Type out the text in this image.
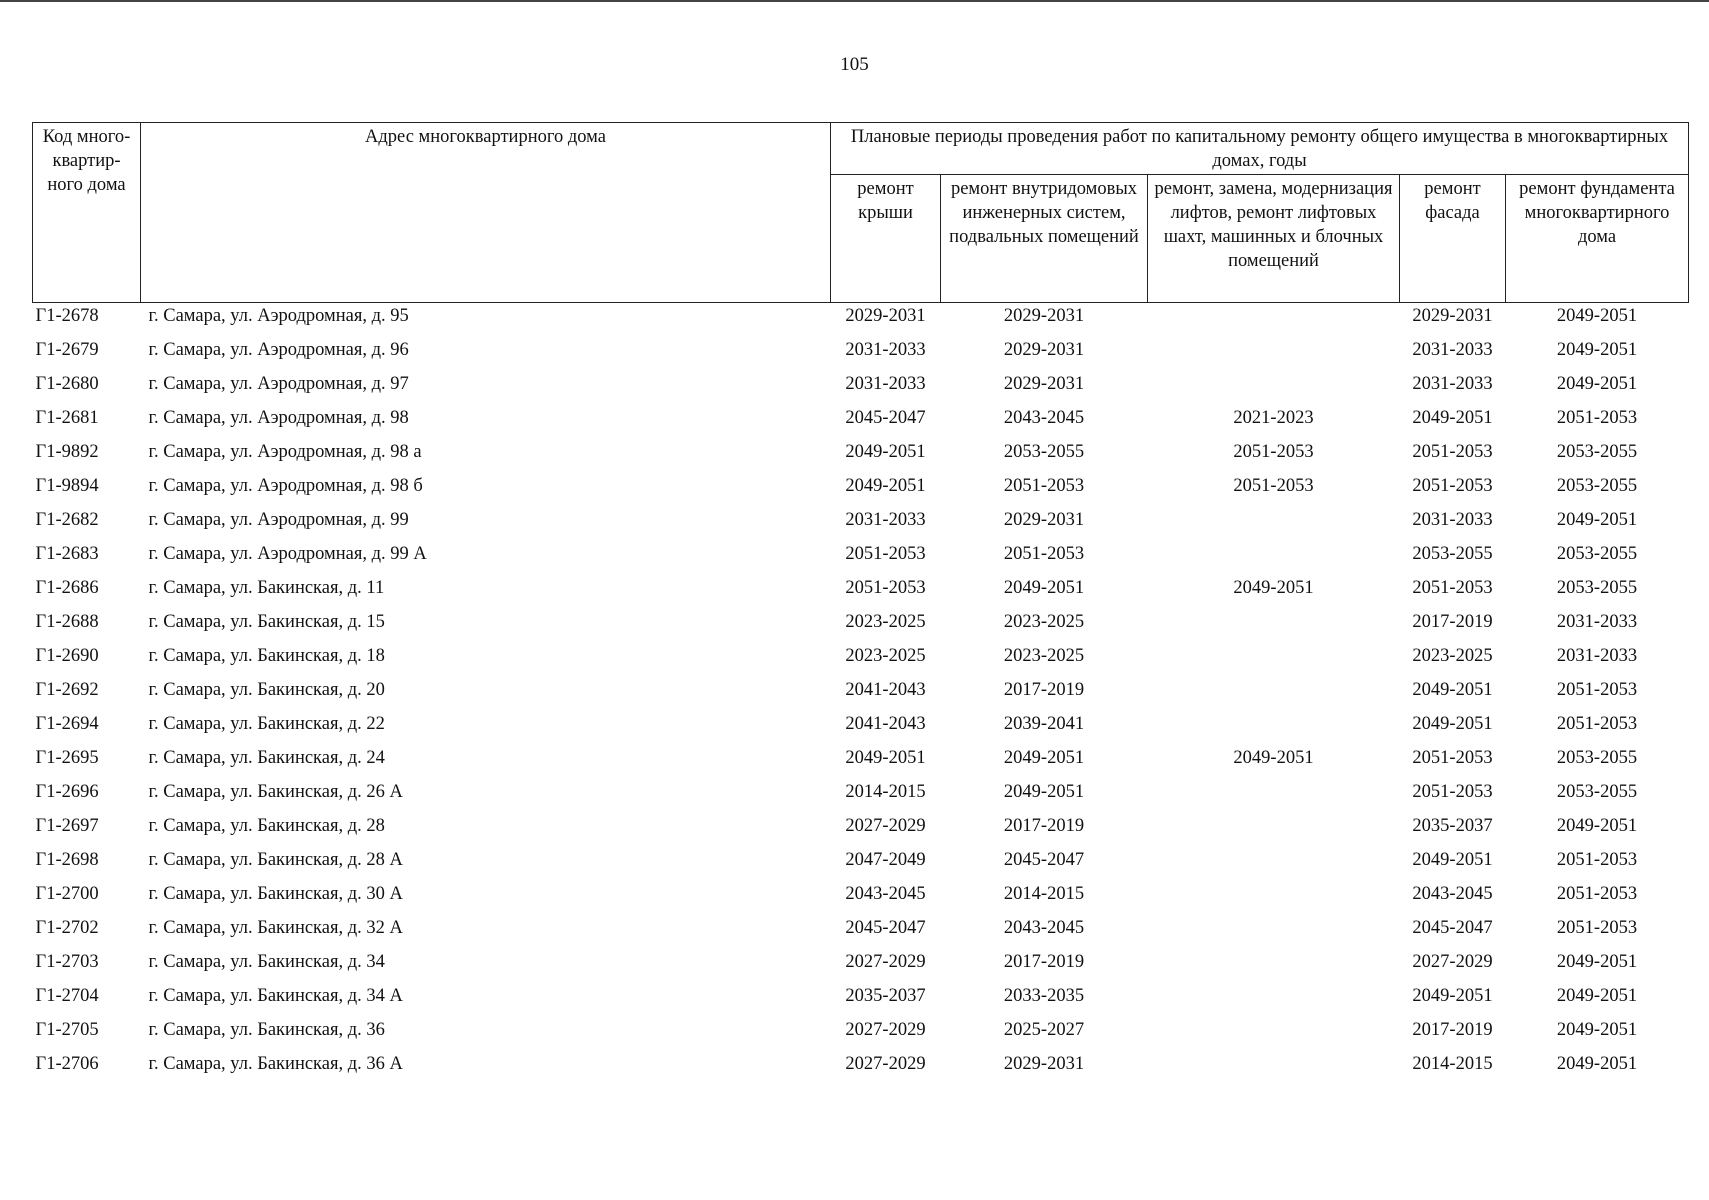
105
Код много-квартир-ного дома	Адрес многоквартирного дома	Плановые периоды проведения работ по капитальному ремонту общего имущества в многоквартирных домах, годы				
		ремонт крыши	ремонт внутридомовых инженерных систем, подвальных помещений	ремонт, замена, модернизация лифтов, ремонт лифтовых шахт, машинных и блочных помещений	ремонт фасада	ремонт фундамента многоквартирного дома
Г1-2678	г. Самара, ул. Аэродромная, д. 95	2029-2031	2029-2031		2029-2031	2049-2051
Г1-2679	г. Самара, ул. Аэродромная, д. 96	2031-2033	2029-2031		2031-2033	2049-2051
Г1-2680	г. Самара, ул. Аэродромная, д. 97	2031-2033	2029-2031		2031-2033	2049-2051
Г1-2681	г. Самара, ул. Аэродромная, д. 98	2045-2047	2043-2045	2021-2023	2049-2051	2051-2053
Г1-9892	г. Самара, ул. Аэродромная, д. 98 а	2049-2051	2053-2055	2051-2053	2051-2053	2053-2055
Г1-9894	г. Самара, ул. Аэродромная, д. 98 б	2049-2051	2051-2053	2051-2053	2051-2053	2053-2055
Г1-2682	г. Самара, ул. Аэродромная, д. 99	2031-2033	2029-2031		2031-2033	2049-2051
Г1-2683	г. Самара, ул. Аэродромная, д. 99 А	2051-2053	2051-2053		2053-2055	2053-2055
Г1-2686	г. Самара, ул. Бакинская, д. 11	2051-2053	2049-2051	2049-2051	2051-2053	2053-2055
Г1-2688	г. Самара, ул. Бакинская, д. 15	2023-2025	2023-2025		2017-2019	2031-2033
Г1-2690	г. Самара, ул. Бакинская, д. 18	2023-2025	2023-2025		2023-2025	2031-2033
Г1-2692	г. Самара, ул. Бакинская, д. 20	2041-2043	2017-2019		2049-2051	2051-2053
Г1-2694	г. Самара, ул. Бакинская, д. 22	2041-2043	2039-2041		2049-2051	2051-2053
Г1-2695	г. Самара, ул. Бакинская, д. 24	2049-2051	2049-2051	2049-2051	2051-2053	2053-2055
Г1-2696	г. Самара, ул. Бакинская, д. 26 А	2014-2015	2049-2051		2051-2053	2053-2055
Г1-2697	г. Самара, ул. Бакинская, д. 28	2027-2029	2017-2019		2035-2037	2049-2051
Г1-2698	г. Самара, ул. Бакинская, д. 28 А	2047-2049	2045-2047		2049-2051	2051-2053
Г1-2700	г. Самара, ул. Бакинская, д. 30 А	2043-2045	2014-2015		2043-2045	2051-2053
Г1-2702	г. Самара, ул. Бакинская, д. 32 А	2045-2047	2043-2045		2045-2047	2051-2053
Г1-2703	г. Самара, ул. Бакинская, д. 34	2027-2029	2017-2019		2027-2029	2049-2051
Г1-2704	г. Самара, ул. Бакинская, д. 34 А	2035-2037	2033-2035		2049-2051	2049-2051
Г1-2705	г. Самара, ул. Бакинская, д. 36	2027-2029	2025-2027		2017-2019	2049-2051
Г1-2706	г. Самара, ул. Бакинская, д. 36 А	2027-2029	2029-2031		2014-2015	2049-2051
